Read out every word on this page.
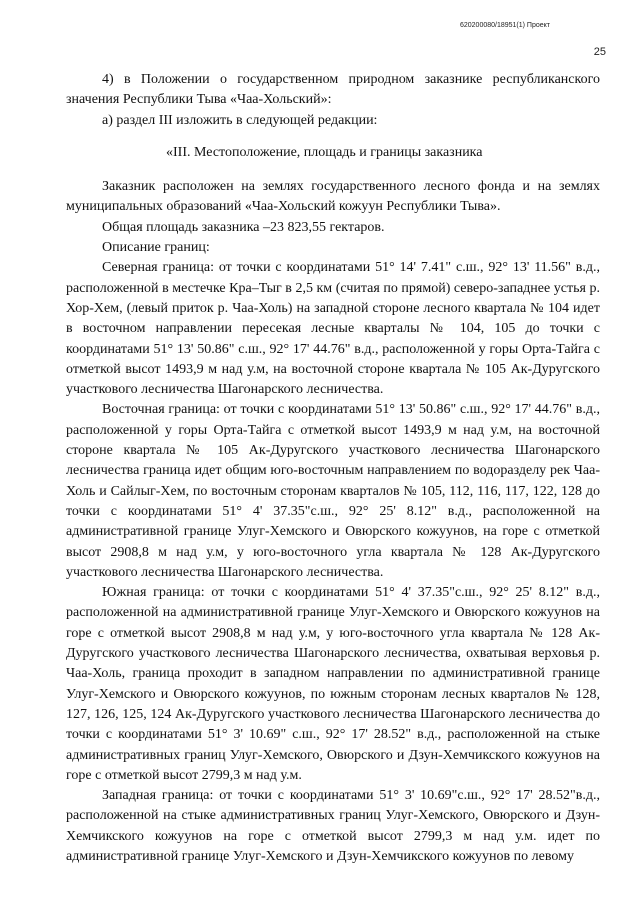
620200080/18951(1) Проект
25

4) в Положении о государственном природном заказнике республиканского значения Республики Тыва «Чаа-Хольский»:

а) раздел III изложить в следующей редакции:

«III. Местоположение, площадь и границы заказника

Заказник расположен на землях государственного лесного фонда и на землях муниципальных образований «Чаа-Хольский кожуун Республики Тыва».

Общая площадь заказника –23 823,55 гектаров.

Описание границ:

Северная граница: от точки с координатами 51° 14' 7.41" с.ш., 92° 13' 11.56" в.д., расположенной в местечке Кра–Тыг в 2,5 км (считая по прямой) северо-западнее устья р. Хор-Хем, (левый приток р. Чаа-Холь) на западной стороне лесного квартала № 104 идет в восточном направлении пересекая лесные кварталы № 104, 105 до точки с координатами 51° 13' 50.86" с.ш., 92° 17' 44.76" в.д., расположенной у горы Орта-Тайга с отметкой высот 1493,9 м над у.м, на восточной стороне квартала № 105 Ак-Дуругского участкового лесничества Шагонарского лесничества.

Восточная граница: от точки с координатами 51° 13' 50.86" с.ш., 92° 17' 44.76" в.д., расположенной у горы Орта-Тайга с отметкой высот 1493,9 м над у.м, на восточной стороне квартала № 105 Ак-Дуругского участкового лесничества Шагонарского лесничества граница идет общим юго-восточным направлением по водоразделу рек Чаа-Холь и Сайлыг-Хем, по восточным сторонам кварталов № 105, 112, 116, 117, 122, 128 до точки с координатами 51° 4' 37.35"с.ш., 92° 25' 8.12" в.д., расположенной на административной границе Улуг-Хемского и Овюрского кожуунов, на горе с отметкой высот 2908,8 м над у.м, у юго-восточного угла квартала № 128 Ак-Дуругского участкового лесничества Шагонарского лесничества.

Южная граница: от точки с координатами 51° 4' 37.35"с.ш., 92° 25' 8.12" в.д., расположенной на административной границе Улуг-Хемского и Овюрского кожуунов на горе с отметкой высот 2908,8 м над у.м, у юго-восточного угла квартала № 128 Ак-Дуругского участкового лесничества Шагонарского лесничества, охватывая верховья р. Чаа-Холь, граница проходит в западном направлении по административной границе Улуг-Хемского и Овюрского кожуунов, по южным сторонам лесных кварталов № 128, 127, 126, 125, 124 Ак-Дуругского участкового лесничества Шагонарского лесничества до точки с координатами 51° 3' 10.69" с.ш., 92° 17' 28.52" в.д., расположенной на стыке административных границ Улуг-Хемского, Овюрского и Дзун-Хемчикского кожуунов на горе с отметкой высот 2799,3 м над у.м.

Западная граница: от точки с координатами 51° 3' 10.69"с.ш., 92° 17' 28.52"в.д., расположенной на стыке административных границ Улуг-Хемского, Овюрского и Дзун-Хемчикского кожуунов на горе с отметкой высот 2799,3 м над у.м. идет по административной границе Улуг-Хемского и Дзун-Хемчикского кожуунов по левому
